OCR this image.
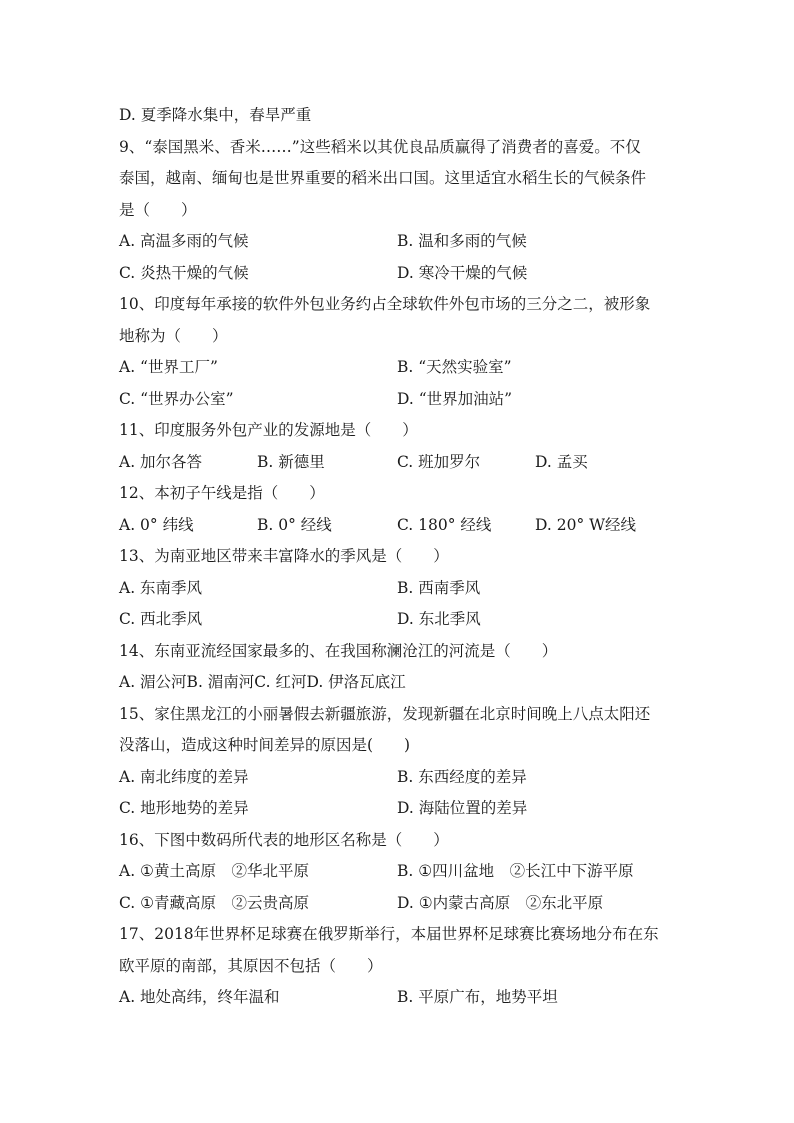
D. 夏季降水集中，春旱严重
9、“泰国黑米、香米……”这些稻米以其优良品质赢得了消费者的喜爱。不仅
泰国，越南、缅甸也是世界重要的稻米出口国。这里适宜水稻生长的气候条件
是（　　）
A. 高温多雨的气候	B. 温和多雨的气候
C. 炎热干燥的气候	D. 寒冷干燥的气候
10、印度每年承接的软件外包业务约占全球软件外包市场的三分之二，被形象
地称为（　　）
A. “世界工厂”	B. “天然实验室”
C. “世界办公室”	D. “世界加油站”
11、印度服务外包产业的发源地是（　　）
A. 加尔各答	B. 新德里	C. 班加罗尔	D. 孟买
12、本初子午线是指（　　）
A. 0° 纬线	B. 0° 经线	C. 180° 经线	D. 20° W经线
13、为南亚地区带来丰富降水的季风是（　　）
A. 东南季风	B. 西南季风
C. 西北季风	D. 东北季风
14、东南亚流经国家最多的、在我国称澜沧江的河流是（　　）
A. 湄公河B. 湄南河C. 红河D. 伊洛瓦底江
15、家住黑龙江的小丽暑假去新疆旅游，发现新疆在北京时间晚上八点太阳还
没落山，造成这种时间差异的原因是(　　)
A. 南北纬度的差异	B. 东西经度的差异
C. 地形地势的差异	D. 海陆位置的差异
16、下图中数码所代表的地形区名称是（　　）
A. ①黄土高原　②华北平原	B. ①四川盆地　②长江中下游平原
C. ①青藏高原　②云贵高原	D. ①内蒙古高原　②东北平原
17、2018年世界杯足球赛在俄罗斯举行，本届世界杯足球赛比赛场地分布在东
欧平原的南部，其原因不包括（　　）
A. 地处高纬，终年温和	B. 平原广布，地势平坦
